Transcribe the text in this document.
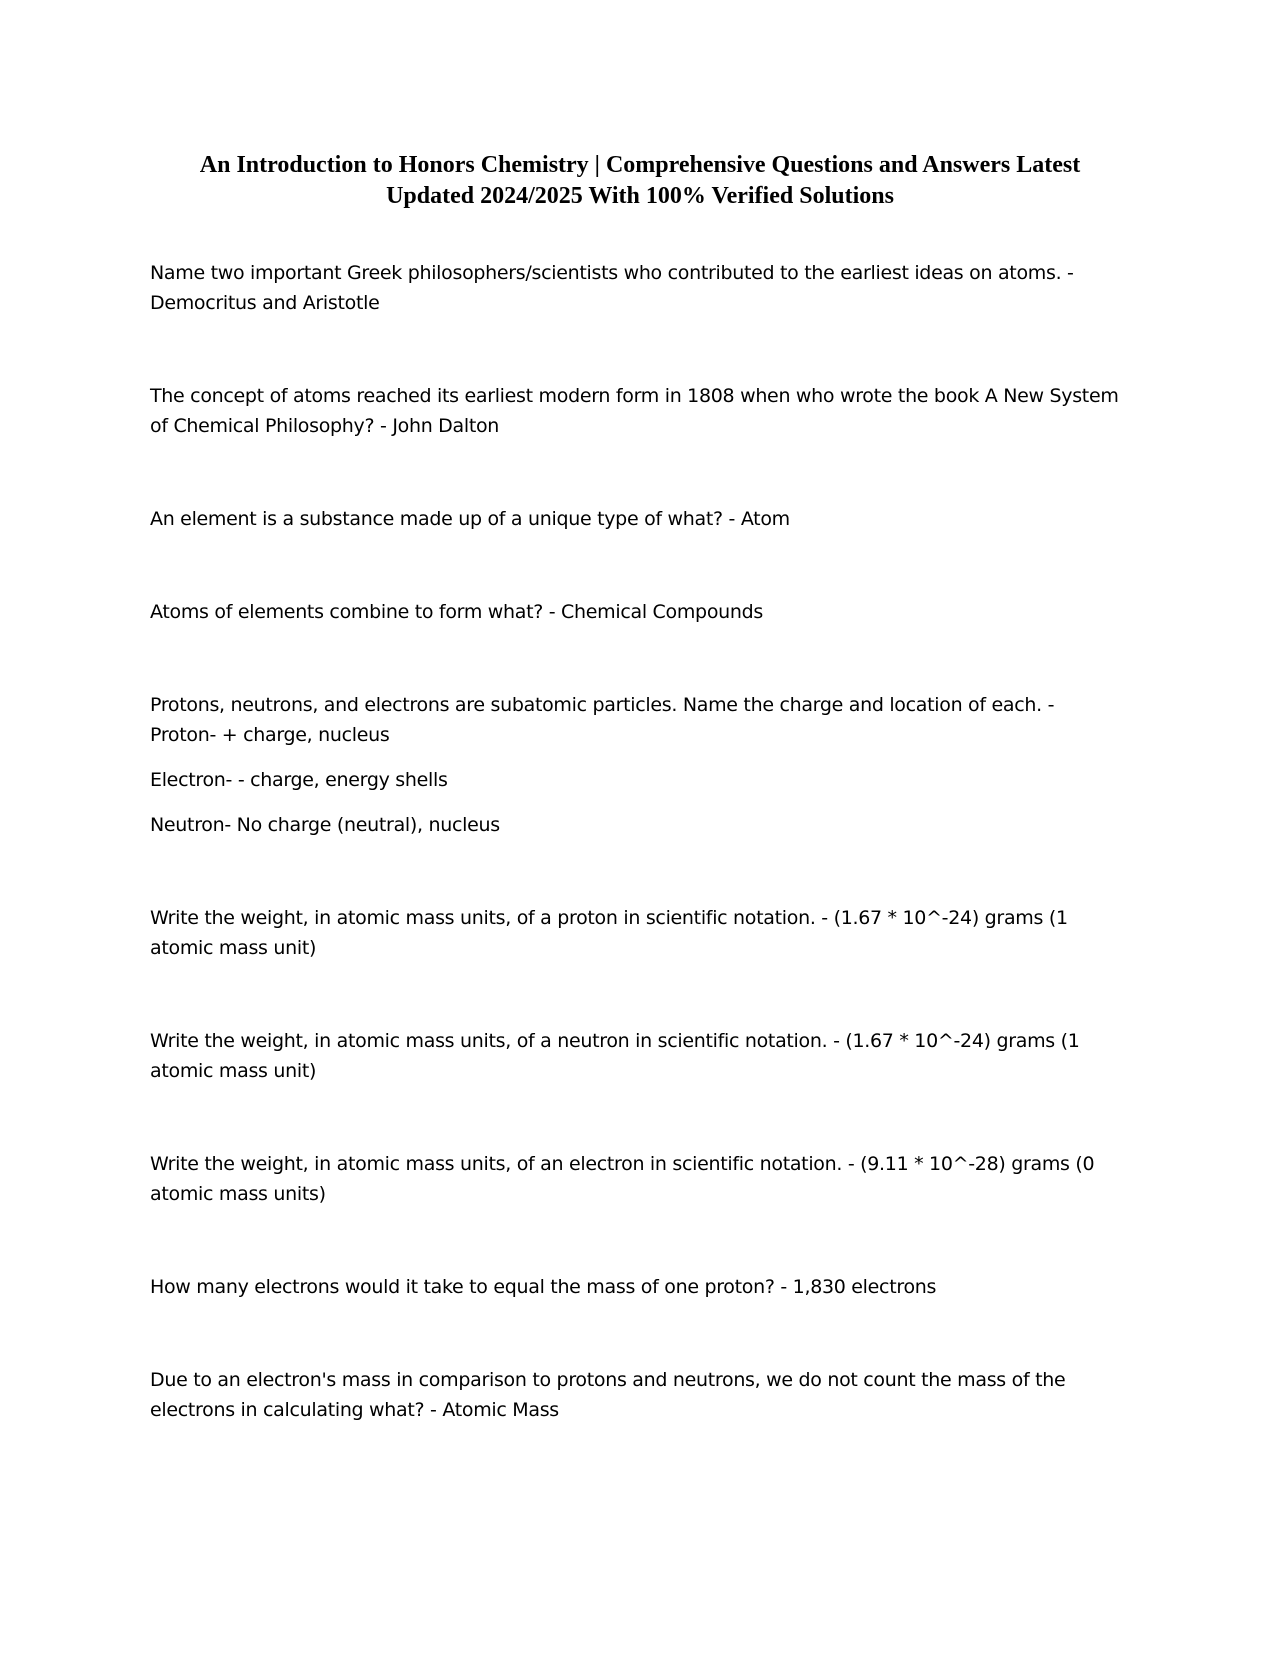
An Introduction to Honors Chemistry | Comprehensive Questions and Answers Latest
Updated 2024/2025 With 100% Verified Solutions

Name two important Greek philosophers/scientists who contributed to the earliest ideas on atoms. - Democritus and Aristotle

The concept of atoms reached its earliest modern form in 1808 when who wrote the book A New System of Chemical Philosophy? - John Dalton

An element is a substance made up of a unique type of what? - Atom

Atoms of elements combine to form what? - Chemical Compounds

Protons, neutrons, and electrons are subatomic particles. Name the charge and location of each. - Proton- + charge, nucleus

Electron- - charge, energy shells

Neutron- No charge (neutral), nucleus

Write the weight, in atomic mass units, of a proton in scientific notation. - (1.67 * 10^-24) grams (1 atomic mass unit)

Write the weight, in atomic mass units, of a neutron in scientific notation. - (1.67 * 10^-24) grams (1 atomic mass unit)

Write the weight, in atomic mass units, of an electron in scientific notation. - (9.11 * 10^-28) grams (0 atomic mass units)

How many electrons would it take to equal the mass of one proton? - 1,830 electrons

Due to an electron's mass in comparison to protons and neutrons, we do not count the mass of the electrons in calculating what? - Atomic Mass
